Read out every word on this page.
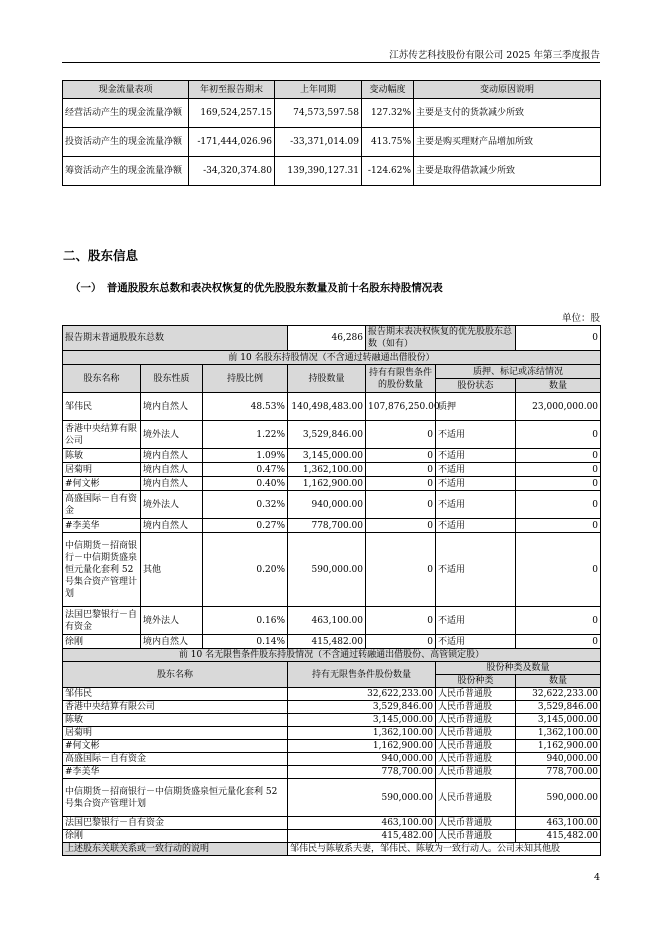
江苏传艺科技股份有限公司 2025 年第三季度报告
现金流量表项	年初至报告期末	上年同期	变动幅度	变动原因说明
经营活动产生的现金流量净额	169,524,257.15	74,573,597.58	127.32%	主要是支付的货款减少所致
投资活动产生的现金流量净额	-171,444,026.96	-33,371,014.09	413.75%	主要是购买理财产品增加所致
筹资活动产生的现金流量净额	-34,320,374.80	139,390,127.31	-124.62%	主要是取得借款减少所致
二、股东信息
（一）　普通股股东总数和表决权恢复的优先股股东数量及前十名股东持股情况表
单位：股
报告期末普通股股东总数			46,286	报告期末表决权恢复的优先股股东总数（如有）		0
前 10 名股东持股情况（不含通过转融通出借股份）						
股东名称	股东性质	持股比例	持股数量	持有有限售条件的股份数量	质押、标记或冻结情况	
					股份状态	数量
邹伟民	境内自然人	48.53%	140,498,483.00	107,876,250.00	质押	23,000,000.00
香港中央结算有限公司	境外法人	1.22%	3,529,846.00	0	不适用	0
陈敏	境内自然人	1.09%	3,145,000.00	0	不适用	0
居菊明	境内自然人	0.47%	1,362,100.00	0	不适用	0
#何文彬	境内自然人	0.40%	1,162,900.00	0	不适用	0
高盛国际－自有资金	境外法人	0.32%	940,000.00	0	不适用	0
#李美华	境内自然人	0.27%	778,700.00	0	不适用	0
中信期货－招商银行－中信期货盛泉恒元量化套利 52 号集合资产管理计划	其他	0.20%	590,000.00	0	不适用	0
法国巴黎银行－自有资金	境外法人	0.16%	463,100.00	0	不适用	0
徐刚	境内自然人	0.14%	415,482.00	0	不适用	0
前 10 名无限售条件股东持股情况（不含通过转融通出借股份、高管锁定股）						
股东名称			持有无限售条件股份数量		股份种类及数量	
					股份种类	数量
邹伟民			32,622,233.00		人民币普通股	32,622,233.00
香港中央结算有限公司			3,529,846.00		人民币普通股	3,529,846.00
陈敏			3,145,000.00		人民币普通股	3,145,000.00
居菊明			1,362,100.00		人民币普通股	1,362,100.00
#何文彬			1,162,900.00		人民币普通股	1,162,900.00
高盛国际－自有资金			940,000.00		人民币普通股	940,000.00
#李美华			778,700.00		人民币普通股	778,700.00
中信期货－招商银行－中信期货盛泉恒元量化套利 52 号集合资产管理计划			590,000.00		人民币普通股	590,000.00
法国巴黎银行－自有资金			463,100.00		人民币普通股	463,100.00
徐刚			415,482.00		人民币普通股	415,482.00
上述股东关联关系或一致行动的说明			邹伟民与陈敏系夫妻，邹伟民、陈敏为一致行动人。公司未知其他股			
4
